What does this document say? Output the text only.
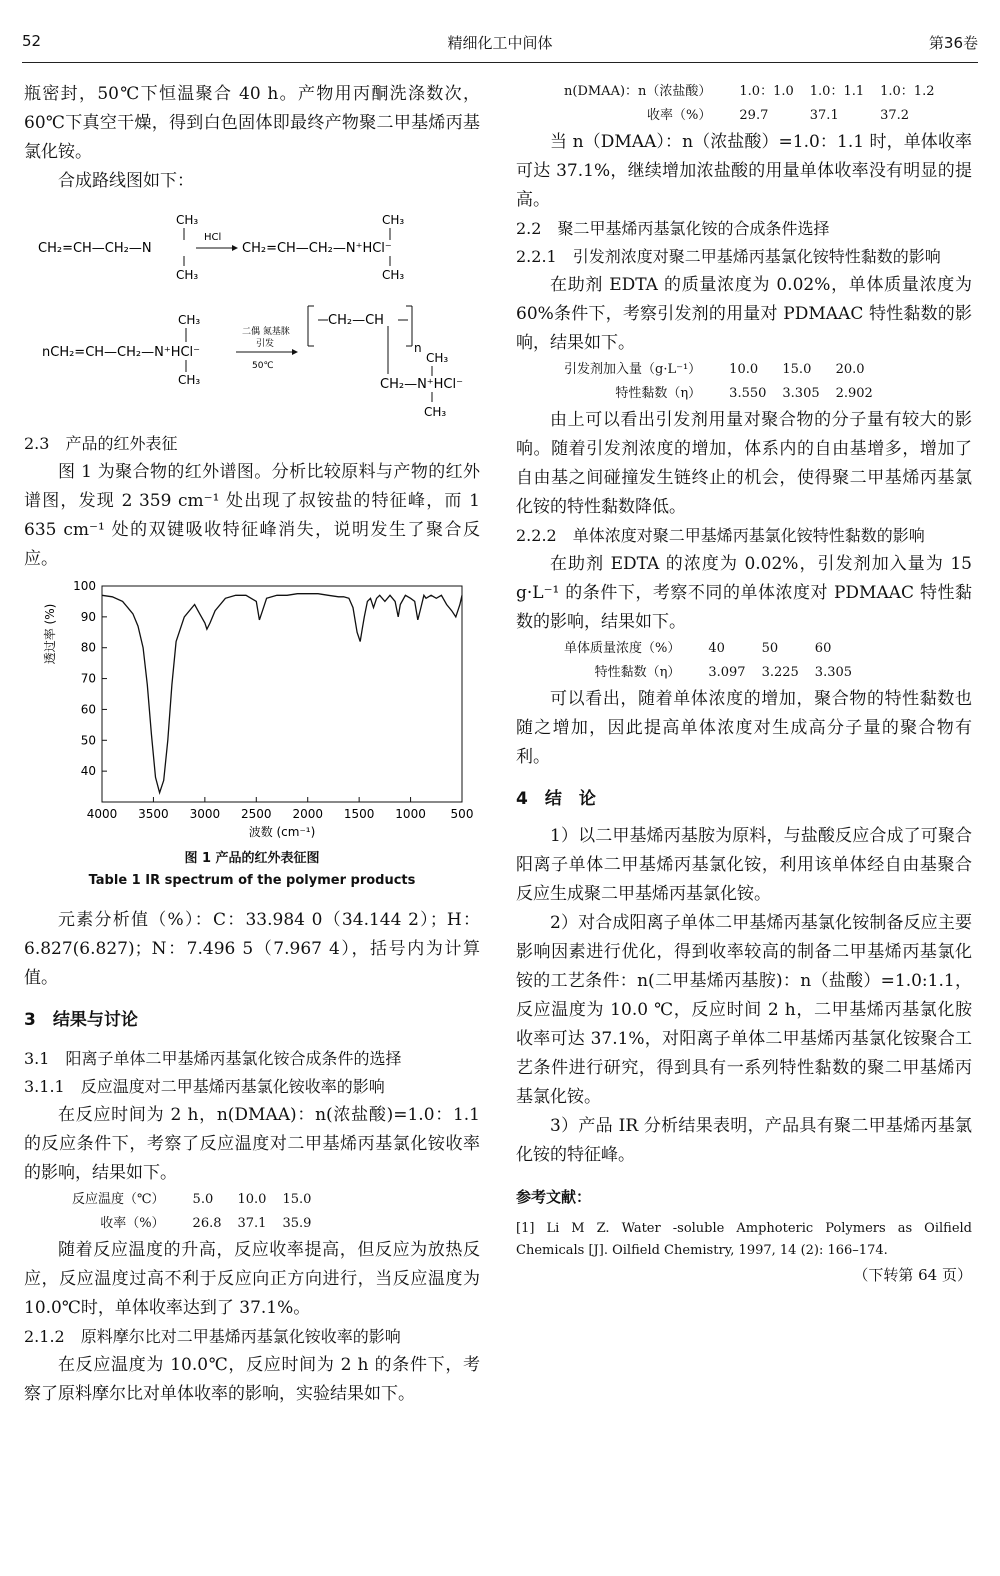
52	精细化工中间体	第36卷

瓶密封，50℃下恒温聚合 40 h。产物用丙酮洗涤数次，60℃下真空干燥，得到白色固体即最终产物聚二甲基烯丙基氯化铵。

合成路线图如下：

CH₃
CH₂=CH—CH₂—N
CH₃
HCl
CH₃
CH₂=CH—CH₂—N⁺HCl⁻
CH₃
CH₃
nCH₂=CH—CH₂—N⁺HCl⁻
CH₃
二偶 氮基脒
引发
50℃
CH₂—CH
n
CH₃
CH₂—N⁺HCl⁻
CH₃
2.3　产品的红外表征

图 1 为聚合物的红外谱图。分析比较原料与产物的红外谱图，发现 2 359 cm⁻¹ 处出现了叔铵盐的特征峰，而 1 635 cm⁻¹ 处的双键吸收特征峰消失，说明发生了聚合反应。

100
90
80
70
60
50
40
4000 3500 3000 2500 2000 1500 1000 500
波数 (cm⁻¹)
透过率 (%)
图 1 产品的红外表征图
Table 1 IR spectrum of the polymer products

元素分析值（%）：C：33.984 0（34.144 2）；H：6.827(6.827)；N：7.496 5（7.967 4），括号内为计算值。

3　结果与讨论
3.1　阳离子单体二甲基烯丙基氯化铵合成条件的选择
3.1.1　反应温度对二甲基烯丙基氯化铵收率的影响

在反应时间为 2 h，n(DMAA)：n(浓盐酸)=1.0：1.1 的反应条件下，考察了反应温度对二甲基烯丙基氯化铵收率的影响，结果如下。

反应温度（℃）	5.0	10.0	15.0
收率（%）	26.8	37.1	35.9

随着反应温度的升高，反应收率提高，但反应为放热反应，反应温度过高不利于反应向正方向进行，当反应温度为 10.0℃时，单体收率达到了 37.1%。

2.1.2　原料摩尔比对二甲基烯丙基氯化铵收率的影响

在反应温度为 10.0℃，反应时间为 2 h 的条件下，考察了原料摩尔比对单体收率的影响，实验结果如下。

n(DMAA)：n（浓盐酸）	1.0：1.0	1.0：1.1	1.0：1.2
收率（%）	29.7	37.1	37.2

当 n（DMAA）：n（浓盐酸）=1.0：1.1 时，单体收率可达 37.1%，继续增加浓盐酸的用量单体收率没有明显的提高。

2.2　聚二甲基烯丙基氯化铵的合成条件选择
2.2.1　引发剂浓度对聚二甲基烯丙基氯化铵特性黏数的影响

在助剂 EDTA 的质量浓度为 0.02%，单体质量浓度为 60%条件下，考察引发剂的用量对 PDMAAC 特性黏数的影响，结果如下。

引发剂加入量（g·L⁻¹）	10.0	15.0	20.0
特性黏数（η）	3.550	3.305	2.902

由上可以看出引发剂用量对聚合物的分子量有较大的影响。随着引发剂浓度的增加，体系内的自由基增多，增加了自由基之间碰撞发生链终止的机会，使得聚二甲基烯丙基氯化铵的特性黏数降低。

2.2.2　单体浓度对聚二甲基烯丙基氯化铵特性黏数的影响

在助剂 EDTA 的浓度为 0.02%，引发剂加入量为 15 g·L⁻¹ 的条件下，考察不同的单体浓度对 PDMAAC 特性黏数的影响，结果如下。

单体质量浓度（%）	40	50	60
特性黏数（η）	3.097	3.225	3.305

可以看出，随着单体浓度的增加，聚合物的特性黏数也随之增加，因此提高单体浓度对生成高分子量的聚合物有利。

4　结　论

1）以二甲基烯丙基胺为原料，与盐酸反应合成了可聚合阳离子单体二甲基烯丙基氯化铵，利用该单体经自由基聚合反应生成聚二甲基烯丙基氯化铵。

2）对合成阳离子单体二甲基烯丙基氯化铵制备反应主要影响因素进行优化，得到收率较高的制备二甲基烯丙基氯化铵的工艺条件：n(二甲基烯丙基胺)：n（盐酸）=1.0:1.1，反应温度为 10.0 ℃，反应时间 2 h，二甲基烯丙基氯化胺收率可达 37.1%，对阳离子单体二甲基烯丙基氯化铵聚合工艺条件进行研究，得到具有一系列特性黏数的聚二甲基烯丙基氯化铵。

3）产品 IR 分析结果表明，产品具有聚二甲基烯丙基氯化铵的特征峰。

参考文献：

[1] Li M Z. Water -soluble Amphoteric Polymers as Oilfield Chemicals [J]. Oilfield Chemistry, 1997, 14 (2): 166–174.

（下转第 64 页）
